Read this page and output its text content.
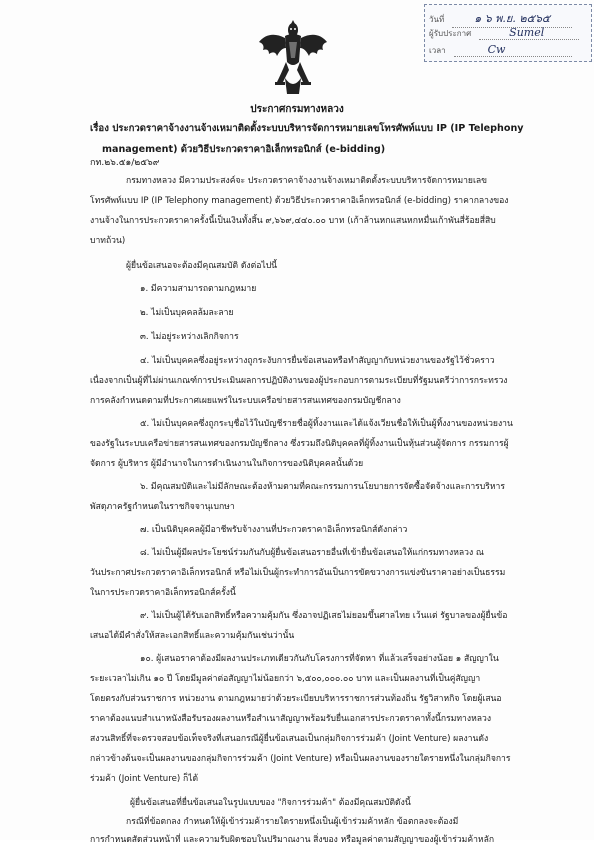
วันที่	๑ ๖ พ.ย. ๒๕๖๕
ผู้รับประกาศ	Sumel
เวลา	Cw
ประกาศกรมทางหลวง
เรื่อง ประกวดราคาจ้างงานจ้างเหมาติดตั้งระบบบริหารจัดการหมายเลขโทรศัพท์แบบ IP (IP Telephony
management) ด้วยวิธีประกวดราคาอิเล็กทรอนิกส์ (e-bidding)
กท.๒๖.๕๑/๒๕๖๙
กรมทางหลวง มีความประสงค์จะ ประกวดราคาจ้างงานจ้างเหมาติดตั้งระบบบริหารจัดการหมายเลข
โทรศัพท์แบบ IP (IP Telephony management) ด้วยวิธีประกวดราคาอิเล็กทรอนิกส์ (e-bidding) ราคากลางของ
งานจ้างในการประกวดราคาครั้งนี้เป็นเงินทั้งสิ้น ๙,๖๖๙,๔๔๐.๐๐ บาท (เก้าล้านหกแสนหกหมื่นเก้าพันสี่ร้อยสี่สิบ
บาทถ้วน)
ผู้ยื่นข้อเสนอจะต้องมีคุณสมบัติ ดังต่อไปนี้
๑. มีความสามารถตามกฎหมาย
๒. ไม่เป็นบุคคลล้มละลาย
๓. ไม่อยู่ระหว่างเลิกกิจการ
๔. ไม่เป็นบุคคลซึ่งอยู่ระหว่างถูกระงับการยื่นข้อเสนอหรือทำสัญญากับหน่วยงานของรัฐไว้ชั่วคราว
เนื่องจากเป็นผู้ที่ไม่ผ่านเกณฑ์การประเมินผลการปฏิบัติงานของผู้ประกอบการตามระเบียบที่รัฐมนตรีว่าการกระทรวง
การคลังกำหนดตามที่ประกาศเผยแพร่ในระบบเครือข่ายสารสนเทศของกรมบัญชีกลาง
๕. ไม่เป็นบุคคลซึ่งถูกระบุชื่อไว้ในบัญชีรายชื่อผู้ทิ้งงานและได้แจ้งเวียนชื่อให้เป็นผู้ทิ้งงานของหน่วยงาน
ของรัฐในระบบเครือข่ายสารสนเทศของกรมบัญชีกลาง ซึ่งรวมถึงนิติบุคคลที่ผู้ทิ้งงานเป็นหุ้นส่วนผู้จัดการ กรรมการผู้
จัดการ ผู้บริหาร ผู้มีอำนาจในการดำเนินงานในกิจการของนิติบุคคลนั้นด้วย
๖. มีคุณสมบัติและไม่มีลักษณะต้องห้ามตามที่คณะกรรมการนโยบายการจัดซื้อจัดจ้างและการบริหาร
พัสดุภาครัฐกำหนดในราชกิจจานุเบกษา
๗. เป็นนิติบุคคลผู้มีอาชีพรับจ้างงานที่ประกวดราคาอิเล็กทรอนิกส์ดังกล่าว
๘. ไม่เป็นผู้มีผลประโยชน์ร่วมกันกับผู้ยื่นข้อเสนอรายอื่นที่เข้ายื่นข้อเสนอให้แก่กรมทางหลวง ณ
วันประกาศประกวดราคาอิเล็กทรอนิกส์ หรือไม่เป็นผู้กระทำการอันเป็นการขัดขวางการแข่งขันราคาอย่างเป็นธรรม
ในการประกวดราคาอิเล็กทรอนิกส์ครั้งนี้
๙. ไม่เป็นผู้ได้รับเอกสิทธิ์หรือความคุ้มกัน ซึ่งอาจปฏิเสธไม่ยอมขึ้นศาลไทย เว้นแต่ รัฐบาลของผู้ยื่นข้อ
เสนอได้มีคำสั่งให้สละเอกสิทธิ์และความคุ้มกันเช่นว่านั้น
๑๐. ผู้เสนอราคาต้องมีผลงานประเภทเดียวกันกับโครงการที่จัดหา ที่แล้วเสร็จอย่างน้อย ๑ สัญญาใน
ระยะเวลาไม่เกิน ๑๐ ปี โดยมีมูลค่าต่อสัญญาไม่น้อยกว่า ๖,๕๐๐,๐๐๐.๐๐ บาท และเป็นผลงานที่เป็นคู่สัญญา
โดยตรงกับส่วนราชการ หน่วยงาน ตามกฎหมายว่าด้วยระเบียบบริหารราชการส่วนท้องถิ่น รัฐวิสาหกิจ โดยผู้เสนอ
ราคาต้องแนบสำเนาหนังสือรับรองผลงานหรือสำเนาสัญญาพร้อมรับยื่นเอกสารประกวดราคาทั้งนี้กรมทางหลวง
สงวนสิทธิ์ที่จะตรวจสอบข้อเท็จจริงที่เสนอกรณีผู้ยื่นข้อเสนอเป็นกลุ่มกิจการร่วมค้า (Joint Venture) ผลงานดัง
กล่าวข้างต้นจะเป็นผลงานของกลุ่มกิจการร่วมค้า (Joint Venture) หรือเป็นผลงานของรายใดรายหนึ่งในกลุ่มกิจการ
ร่วมค้า (Joint Venture) ก็ได้
ผู้ยื่นข้อเสนอที่ยื่นข้อเสนอในรูปแบบของ "กิจการร่วมค้า" ต้องมีคุณสมบัติดังนี้
กรณีที่ข้อตกลง กำหนดให้ผู้เข้าร่วมค้ารายใดรายหนึ่งเป็นผู้เข้าร่วมค้าหลัก ข้อตกลงจะต้องมี
การกำหนดสัดส่วนหน้าที่ และความรับผิดชอบในปริมาณงาน สิ่งของ หรือมูลค่าตามสัญญาของผู้เข้าร่วมค้าหลัก
